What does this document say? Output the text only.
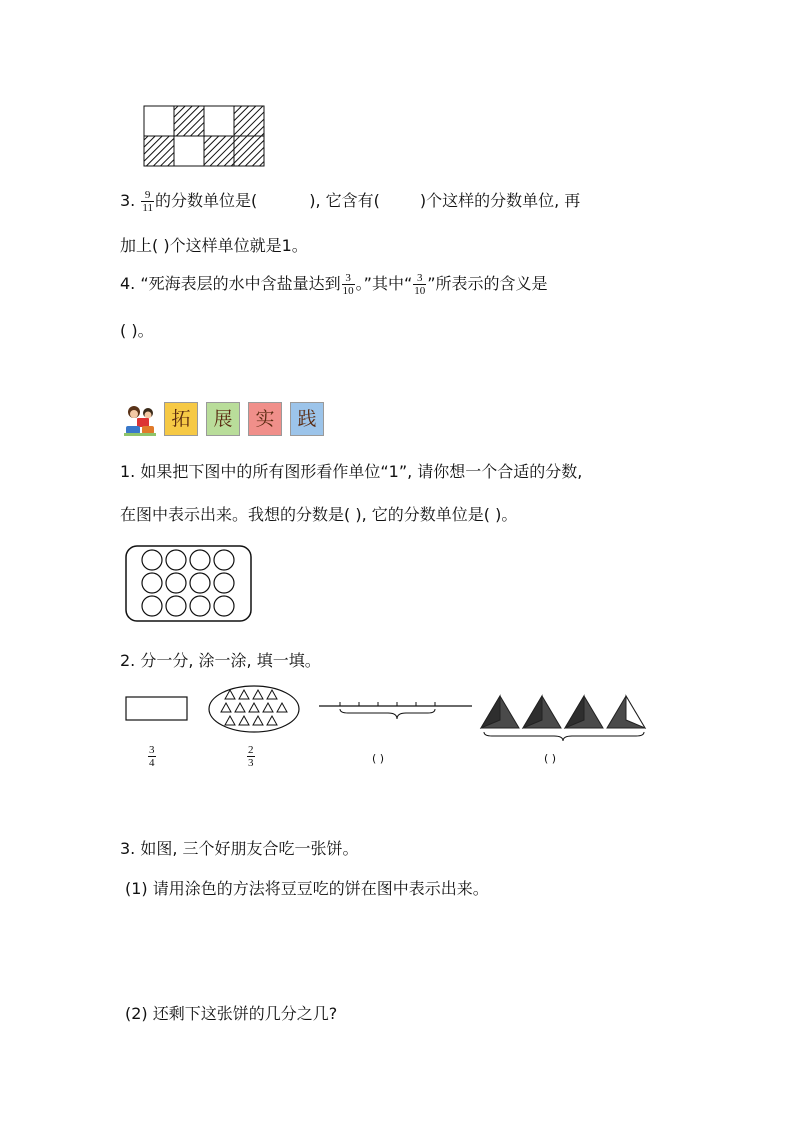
3. $\frac{9}{11}$ 的分数单位是(	), 它含有(	)个这样的分数单位, 再
加上( )个这样单位就是1。
4. “死海表层的水中含盐量达到 $\frac{3}{10}$ 。”其中“ $\frac{3}{10}$ ”所表示的含义是
( )。
拓 展 实 践
1. 如果把下图中的所有图形看作单位“1”, 请你想一个合适的分数,
在图中表示出来。我想的分数是( ), 它的分数单位是( )。
2. 分一分, 涂一涂, 填一填。
$\frac{3}{4}$	$\frac{2}{3}$	( )	( )
3. 如图, 三个好朋友合吃一张饼。
(1) 请用涂色的方法将豆豆吃的饼在图中表示出来。
(2) 还剩下这张饼的几分之几?
